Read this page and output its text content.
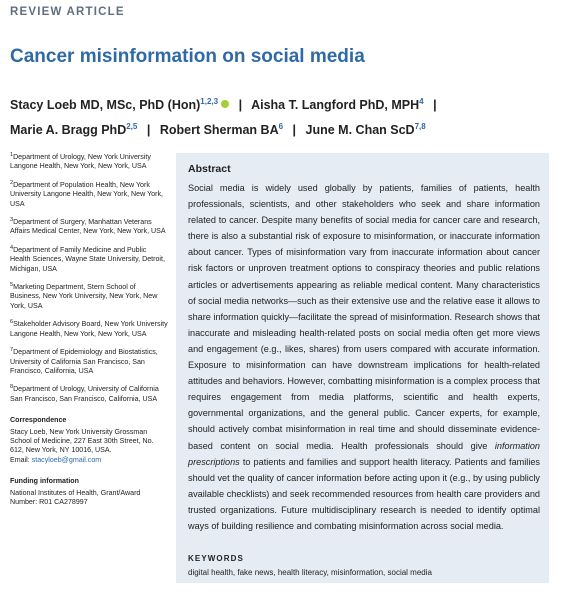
REVIEW ARTICLE
Cancer misinformation on social media
Stacy Loeb MD, MSc, PhD (Hon)$^{1,2,3}$ | Aisha T. Langford PhD, MPH$^4$ |
Marie A. Bragg PhD$^{2,5}$ | Robert Sherman $BA^6$ | June M. Chan ScD$^{7,8}$
$^1$Department of Urology, New York University Langone Health, New York, New York, USA
$^2$Department of Population Health, New York University Langone Health, New York, New York, USA
$^3$Department of Surgery, Manhattan Veterans Affairs Medical Center, New York, New York, USA
$^4$Department of Family Medicine and Public Health Sciences, Wayne State University, Detroit, Michigan, USA
$^5$Marketing Department, Stern School of Business, New York University, New York, New York, USA
$^6$Stakeholder Advisory Board, New York University Langone Health, New York, New York, USA
$^7$Department of Epidemiology and Biostatistics, University of California San Francisco, San Francisco, California, USA
$^8$Department of Urology, University of California San Francisco, San Francisco, California, USA
Correspondence
Stacy Loeb, New York University Grossman School of Medicine, 227 East 30th Street, No. 612, New York, NY 10016, USA.
Email: stacyloeb@gmail.com
Funding information
National Institutes of Health, Grant/Award Number: R01 CA278997
Abstract
Social media is widely used globally by patients, families of patients, health professionals, scientists, and other stakeholders who seek and share information related to cancer. Despite many benefits of social media for cancer care and research, there is also a substantial risk of exposure to misinformation, or inaccurate information about cancer. Types of misinformation vary from inaccurate information about cancer risk factors or unproven treatment options to conspiracy theories and public relations articles or advertisements appearing as reliable medical content. Many characteristics of social media networks—such as their extensive use and the relative ease it allows to share information quickly—facilitate the spread of misinformation. Research shows that inaccurate and misleading health-related posts on social media often get more views and engagement (e.g., likes, shares) from users compared with accurate information. Exposure to misinformation can have downstream implications for health-related attitudes and behaviors. However, combatting misinformation is a complex process that requires engagement from media platforms, scientific and health experts, governmental organizations, and the general public. Cancer experts, for example, should actively combat misinformation in real time and should disseminate evidence-based content on social media. Health professionals should give information prescriptions to patients and families and support health literacy. Patients and families should vet the quality of cancer information before acting upon it (e.g., by using publicly available checklists) and seek recommended resources from health care providers and trusted organizations. Future multidisciplinary research is needed to identify optimal ways of building resilience and combating misinformation across social media.
KEYWORDS
digital health, fake news, health literacy, misinformation, social media
